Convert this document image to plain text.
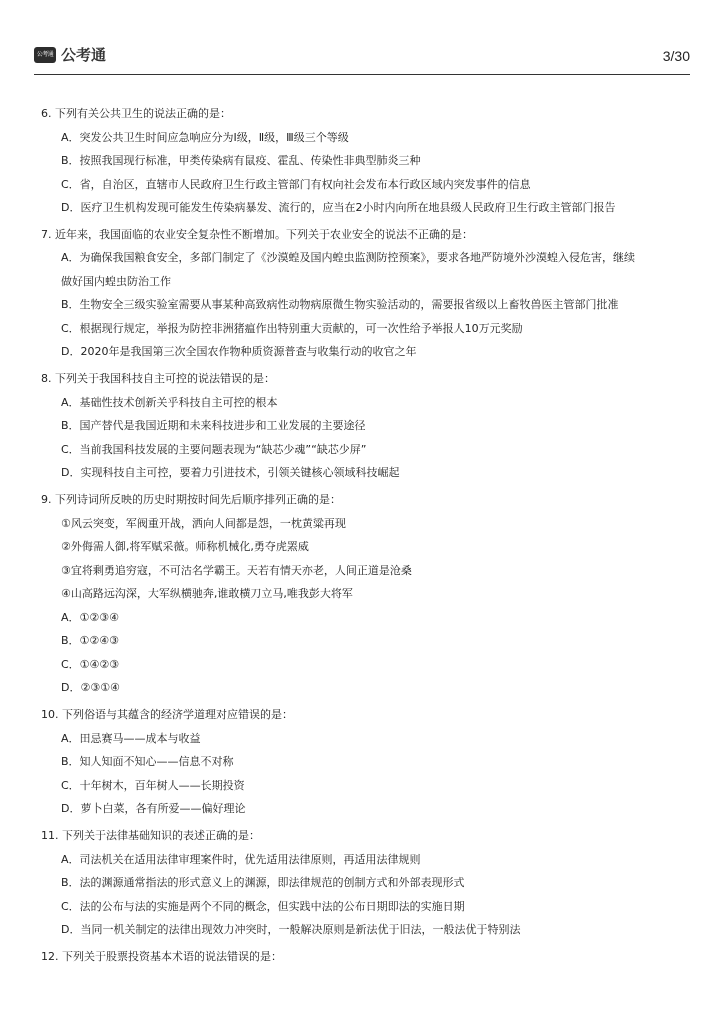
公考通 公考通	3/30
6. 下列有关公共卫生的说法正确的是：
A．突发公共卫生时间应急响应分为Ⅰ级，Ⅱ级，Ⅲ级三个等级
B．按照我国现行标准，甲类传染病有鼠疫、霍乱、传染性非典型肺炎三种
C．省，自治区，直辖市人民政府卫生行政主管部门有权向社会发布本行政区域内突发事件的信息
D．医疗卫生机构发现可能发生传染病暴发、流行的，应当在2小时内向所在地县级人民政府卫生行政主管部门报告
7. 近年来，我国面临的农业安全复杂性不断增加。下列关于农业安全的说法不正确的是：
A．为确保我国粮食安全，多部门制定了《沙漠蝗及国内蝗虫监测防控预案》，要求各地严防境外沙漠蝗入侵危害，继续
做好国内蝗虫防治工作
B．生物安全三级实验室需要从事某种高致病性动物病原微生物实验活动的，需要报省级以上畜牧兽医主管部门批准
C．根据现行规定，举报为防控非洲猪瘟作出特别重大贡献的，可一次性给予举报人10万元奖励
D．2020年是我国第三次全国农作物种质资源普查与收集行动的收官之年
8. 下列关于我国科技自主可控的说法错误的是：
A．基础性技术创新关乎科技自主可控的根本
B．国产替代是我国近期和未来科技进步和工业发展的主要途径
C．当前我国科技发展的主要问题表现为“缺芯少魂”“缺芯少屏”
D．实现科技自主可控，要着力引进技术，引领关键核心领域科技崛起
9. 下列诗词所反映的历史时期按时间先后顺序排列正确的是：
①风云突变，军阀重开战，洒向人间都是怨，一枕黄粱再现
②外侮需人御,将军赋采薇。师称机械化,勇夺虎罴威
③宜将剩勇追穷寇，不可沽名学霸王。天若有情天亦老，人间正道是沧桑
④山高路远沟深，大军纵横驰奔,谁敢横刀立马,唯我彭大将军
A．①②③④
B．①②④③
C．①④②③
D．②③①④
10. 下列俗语与其蕴含的经济学道理对应错误的是：
A．田忌赛马——成本与收益
B．知人知面不知心——信息不对称
C．十年树木，百年树人——长期投资
D．萝卜白菜，各有所爱——偏好理论
11. 下列关于法律基础知识的表述正确的是：
A．司法机关在适用法律审理案件时，优先适用法律原则，再适用法律规则
B．法的渊源通常指法的形式意义上的渊源，即法律规范的创制方式和外部表现形式
C．法的公布与法的实施是两个不同的概念，但实践中法的公布日期即法的实施日期
D．当同一机关制定的法律出现效力冲突时，一般解决原则是新法优于旧法，一般法优于特别法
12. 下列关于股票投资基本术语的说法错误的是：
